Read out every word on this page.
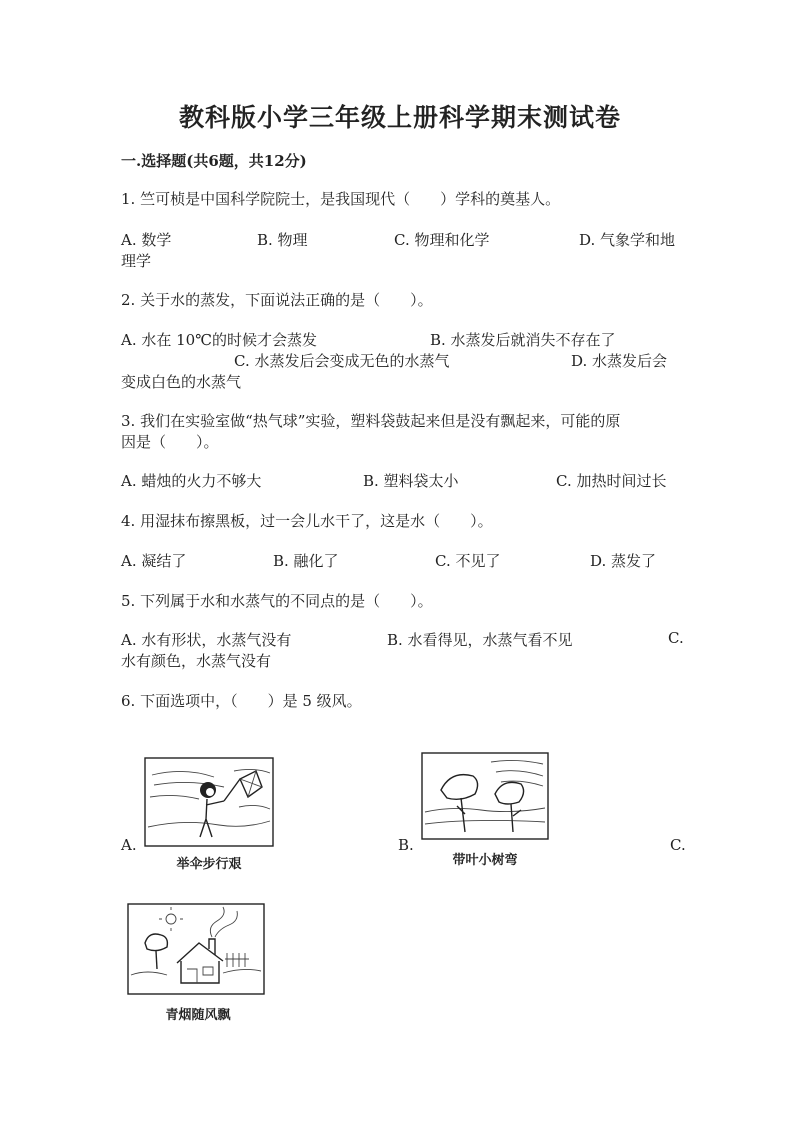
教科版小学三年级上册科学期末测试卷
一.选择题(共6题，共12分)
1. 竺可桢是中国科学院院士，是我国现代（　　）学科的奠基人。
A. 数学	B. 物理	C. 物理和化学	D. 气象学和地
理学
2. 关于水的蒸发，下面说法正确的是（　　）。
A. 水在 10℃的时候才会蒸发	B. 水蒸发后就消失不存在了
C. 水蒸发后会变成无色的水蒸气	D. 水蒸发后会
变成白色的水蒸气
3. 我们在实验室做“热气球”实验，塑料袋鼓起来但是没有飘起来，可能的原
因是（　　）。
A. 蜡烛的火力不够大	B. 塑料袋太小	C. 加热时间过长
4. 用湿抹布擦黑板，过一会儿水干了，这是水（　　）。
A. 凝结了	B. 融化了	C. 不见了	D. 蒸发了
5. 下列属于水和水蒸气的不同点的是（　　）。
A. 水有形状，水蒸气没有	B. 水看得见，水蒸气看不见	C.
水有颜色，水蒸气没有
6. 下面选项中，（　　）是 5 级风。
A.	B.	C.
举伞步行艰	带叶小树弯
青烟随风飘
